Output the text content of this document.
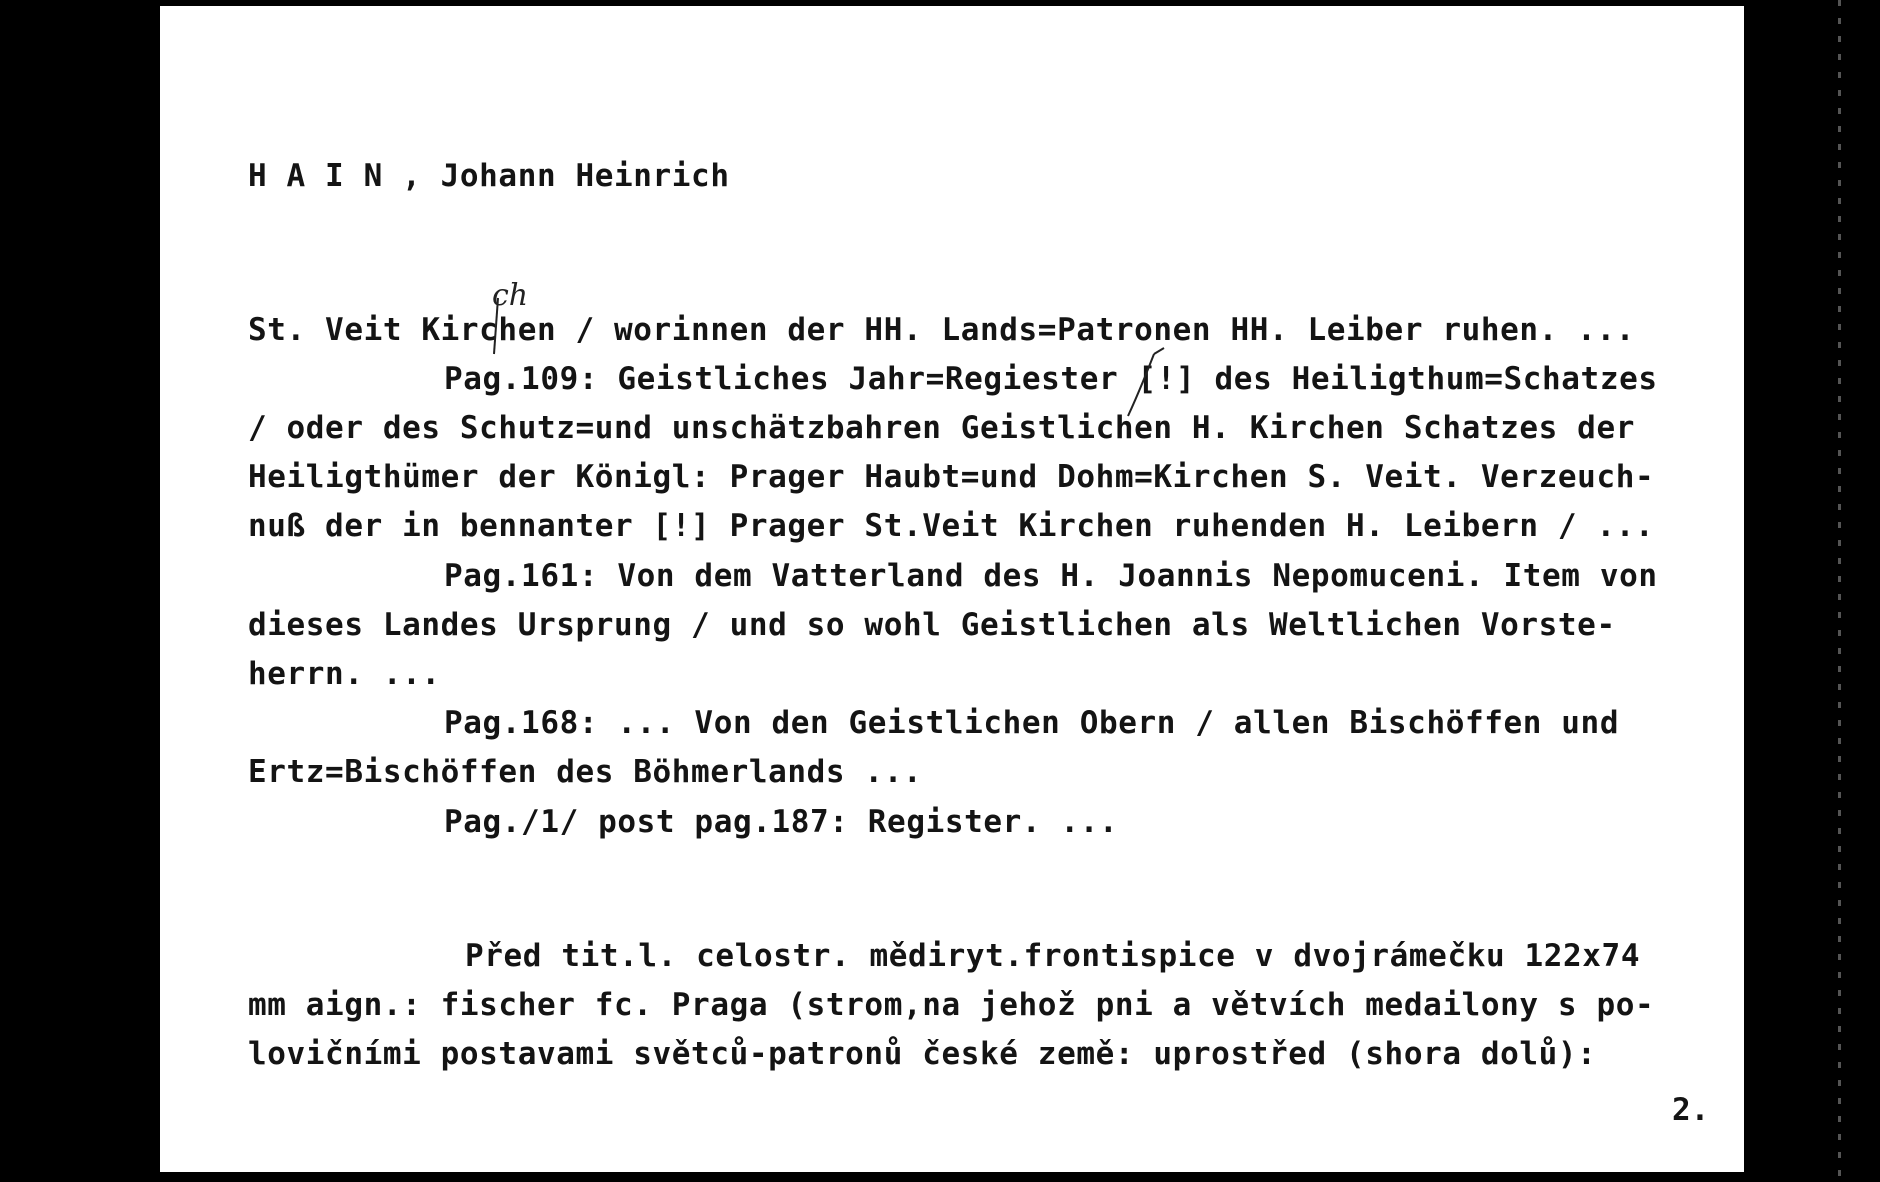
H A I N , Johann Heinrich
St. Veit Kirchen / worinnen der HH. Lands=Patronen HH. Leiber ruhen. ...
Pag.109: Geistliches Jahr=Regiester [!] des Heiligthum=Schatzes
/ oder des Schutz=und unschätzbahren Geistlichen H. Kirchen Schatzes der
Heiligthümer der Königl: Prager Haubt=und Dohm=Kirchen S. Veit. Verzeuch-
nuß der in bennanter [!] Prager St.Veit Kirchen ruhenden H. Leibern / ...
Pag.161: Von dem Vatterland des H. Joannis Nepomuceni. Item von
dieses Landes Ursprung / und so wohl Geistlichen als Weltlichen Vorste-
herrn. ...
Pag.168: ... Von den Geistlichen Obern / allen Bischöffen und
Ertz=Bischöffen des Böhmerlands ...
Pag./1/ post pag.187: Register. ...
Před tit.l. celostr. mědiryt.frontispice v dvojrámečku 122x74
mm aign.: fischer fc. Praga (strom,na jehož pni a větvích medailony s po-
lovičními postavami světců-patronů české země: uprostřed (shora dolů):
2.
ch
